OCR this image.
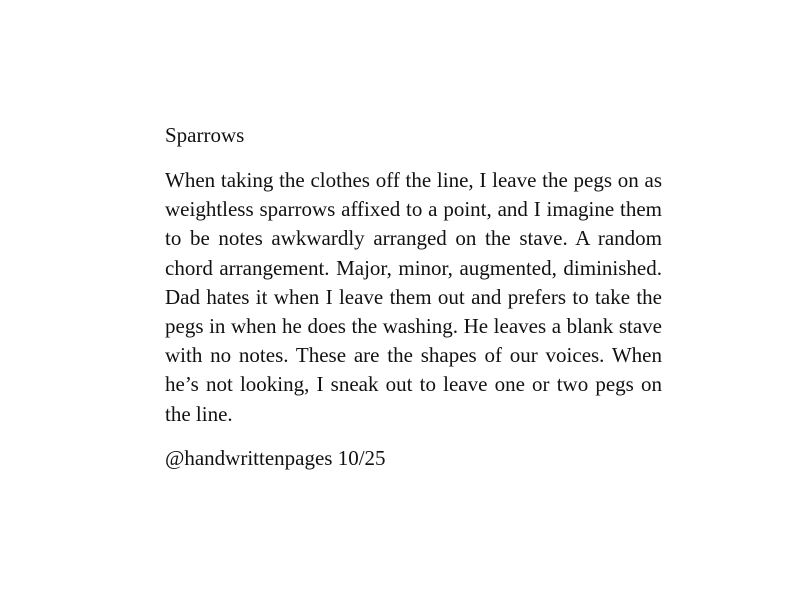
Sparrows

When taking the clothes off the line, I leave the pegs on as weightless sparrows affixed to a point, and I imagine them to be notes awkwardly arranged on the stave. A random chord arrangement. Major, minor, augmented, diminished. Dad hates it when I leave them out and prefers to take the pegs in when he does the washing. He leaves a blank stave with no notes. These are the shapes of our voices. When he’s not looking, I sneak out to leave one or two pegs on the line.

@handwrittenpages 10/25
